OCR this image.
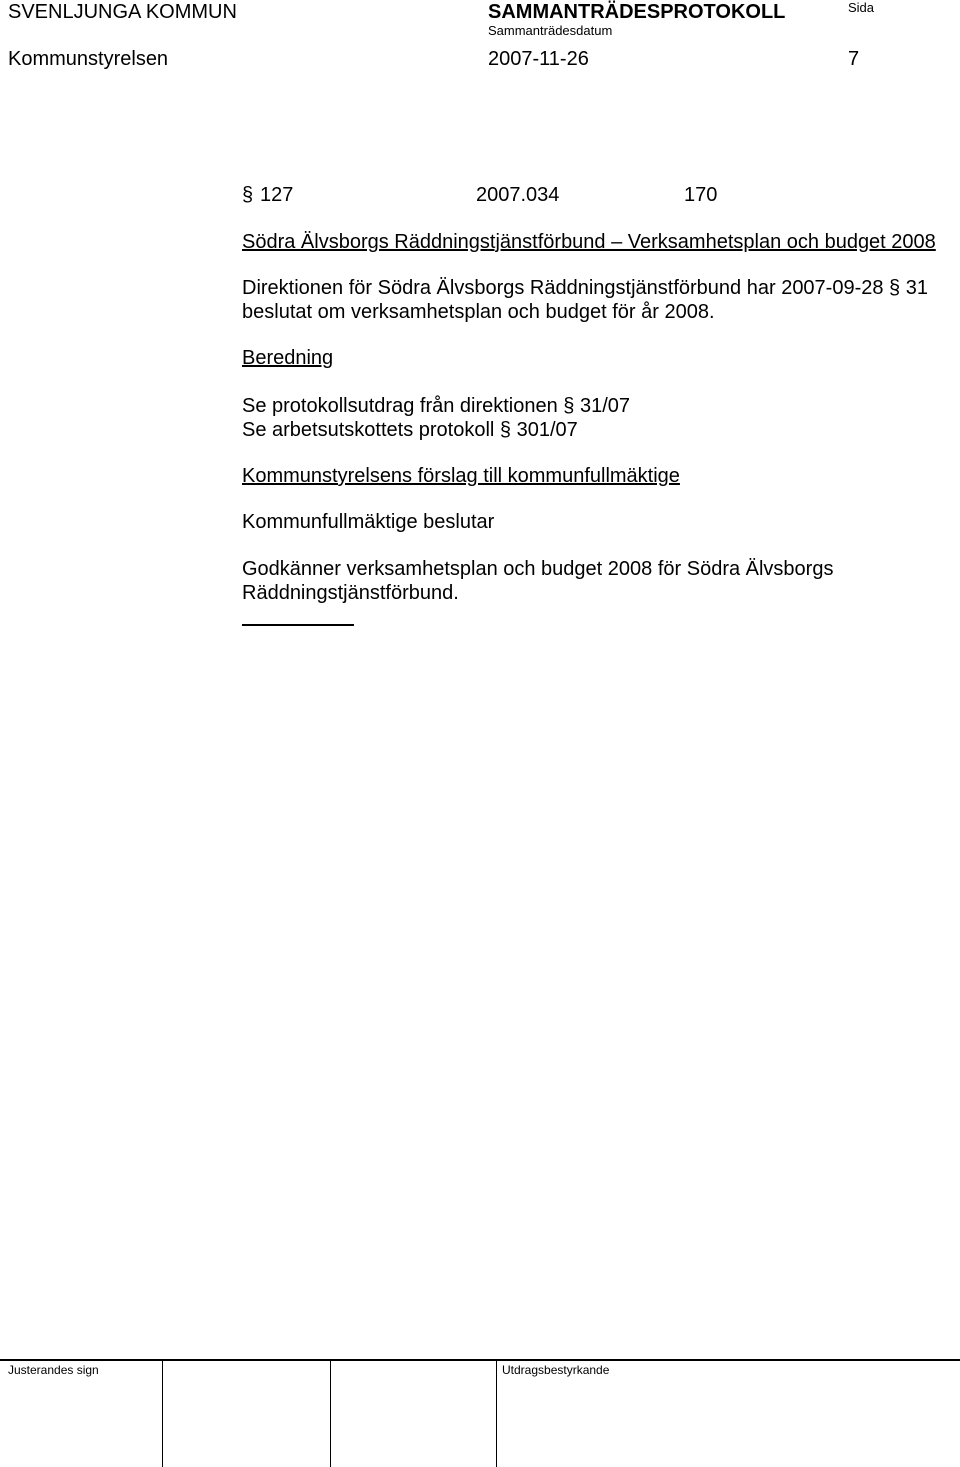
SVENLJUNGA KOMMUN	SAMMANTRÄDESPROTOKOLL	Sida
Sammanträdesdatum
Kommunstyrelsen	2007-11-26	7
§ 127	2007.034	170
Södra Älvsborgs Räddningstjänstförbund – Verksamhetsplan och budget 2008
Direktionen för Södra Älvsborgs Räddningstjänstförbund har 2007-09-28 § 31 beslutat om verksamhetsplan och budget för år 2008.
Beredning
Se protokollsutdrag från direktionen § 31/07
Se arbetsutskottets protokoll § 301/07
Kommunstyrelsens förslag till kommunfullmäktige
Kommunfullmäktige beslutar
Godkänner verksamhetsplan och budget 2008 för Södra Älvsborgs Räddningstjänstförbund.
Justerandes sign	Utdragsbestyrkande
